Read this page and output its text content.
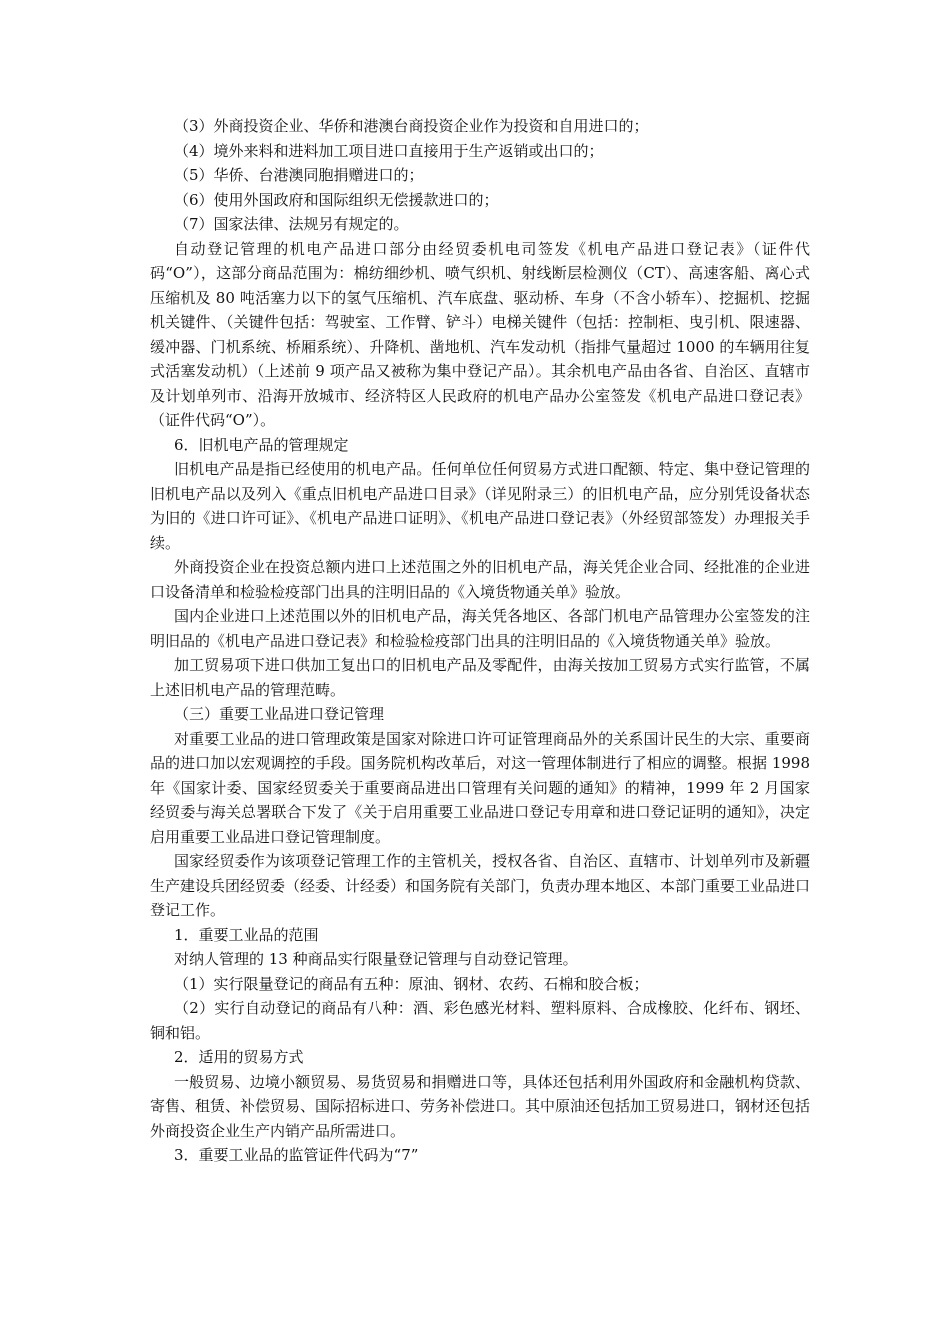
（3）外商投资企业、华侨和港澳台商投资企业作为投资和自用进口的；

（4）境外来料和进料加工项目进口直接用于生产返销或出口的；

（5）华侨、台港澳同胞捐赠进口的；

（6）使用外国政府和国际组织无偿援款进口的；

（7）国家法律、法规另有规定的。

自动登记管理的机电产品进口部分由经贸委机电司签发《机电产品进口登记表》（证件代码“O”），这部分商品范围为：棉纺细纱机、喷气织机、射线断层检测仪（CT）、高速客船、离心式压缩机及 80 吨活塞力以下的氢气压缩机、汽车底盘、驱动桥、车身（不含小轿车）、挖掘机、挖掘机关键件、（关键件包括：驾驶室、工作臂、铲斗）电梯关键件（包括：控制柜、曳引机、限速器、缓冲器、门机系统、桥厢系统）、升降机、凿地机、汽车发动机（指排气量超过 1000 的车辆用往复式活塞发动机）（上述前 9 项产品又被称为集中登记产品）。其余机电产品由各省、自治区、直辖市及计划单列市、沿海开放城市、经济特区人民政府的机电产品办公室签发《机电产品进口登记表》（证件代码“O”）。

6．旧机电产品的管理规定

旧机电产品是指已经使用的机电产品。任何单位任何贸易方式进口配额、特定、集中登记管理的旧机电产品以及列入《重点旧机电产品进口目录》（详见附录三）的旧机电产品，应分别凭设备状态为旧的《进口许可证》、《机电产品进口证明》、《机电产品进口登记表》（外经贸部签发）办理报关手续。

外商投资企业在投资总额内进口上述范围之外的旧机电产品，海关凭企业合同、经批准的企业进口设备清单和检验检疫部门出具的注明旧品的《入境货物通关单》验放。

国内企业进口上述范围以外的旧机电产品，海关凭各地区、各部门机电产品管理办公室签发的注明旧品的《机电产品进口登记表》和检验检疫部门出具的注明旧品的《入境货物通关单》验放。

加工贸易项下进口供加工复出口的旧机电产品及零配件，由海关按加工贸易方式实行监管，不属上述旧机电产品的管理范畴。

（三）重要工业品进口登记管理

对重要工业品的进口管理政策是国家对除进口许可证管理商品外的关系国计民生的大宗、重要商品的进口加以宏观调控的手段。国务院机构改革后，对这一管理体制进行了相应的调整。根据 1998 年《国家计委、国家经贸委关于重要商品进出口管理有关问题的通知》的精神，1999 年 2 月国家经贸委与海关总署联合下发了《关于启用重要工业品进口登记专用章和进口登记证明的通知》，决定启用重要工业品进口登记管理制度。

国家经贸委作为该项登记管理工作的主管机关，授权各省、自治区、直辖市、计划单列市及新疆生产建设兵团经贸委（经委、计经委）和国务院有关部门，负责办理本地区、本部门重要工业品进口登记工作。

1．重要工业品的范围

对纳人管理的 13 种商品实行限量登记管理与自动登记管理。

（1）实行限量登记的商品有五种：原油、钢材、农药、石棉和胶合板；

（2）实行自动登记的商品有八种：酒、彩色感光材料、塑料原料、合成橡胶、化纤布、钢坯、铜和铝。

2．适用的贸易方式

一般贸易、边境小额贸易、易货贸易和捐赠进口等，具体还包括利用外国政府和金融机构贷款、寄售、租赁、补偿贸易、国际招标进口、劳务补偿进口。其中原油还包括加工贸易进口，钢材还包括外商投资企业生产内销产品所需进口。

3．重要工业品的监管证件代码为“7”
